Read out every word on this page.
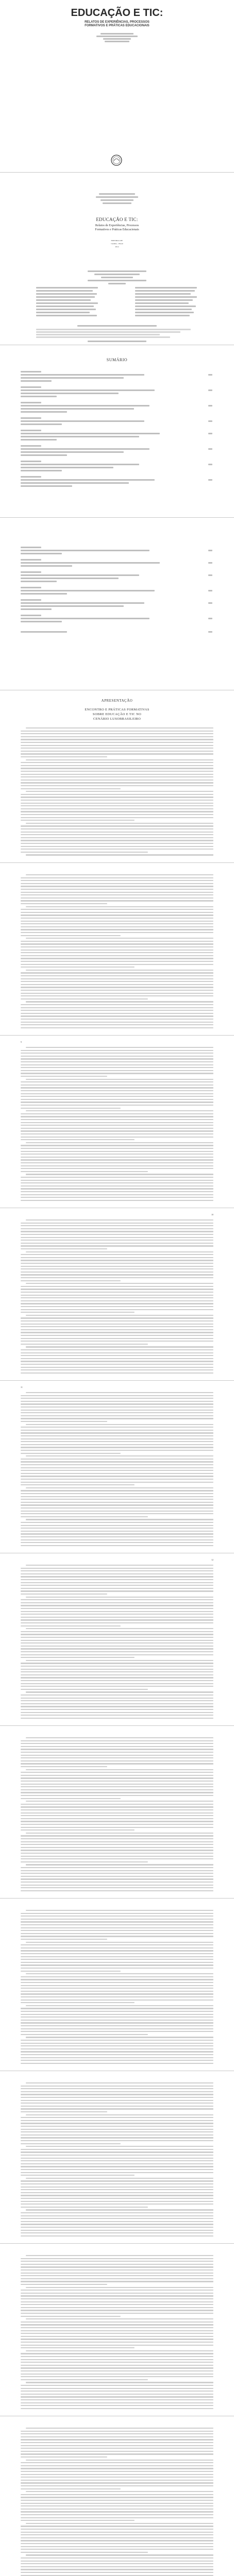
EDUCAÇÃO E TIC:
RELATOS DE EXPERIÊNCIAS, PROCESSOS
FORMATIVOS E PRÁTICAS EDUCACIONAIS
EDUCAÇÃO E TIC:
Relatos de Experiências, Processos
Formativos e Práticas Educacionais
EDITORA CRV
Curitiba – Brasil
2014
SUMÁRIO
APRESENTAÇÃO
ENCONTRO E PRÁTICAS FORMATIVAS
SOBRE EDUCAÇÃO E TIC NO
CENÁRIO LUSOBRASILEIRO
9
10
11
12
